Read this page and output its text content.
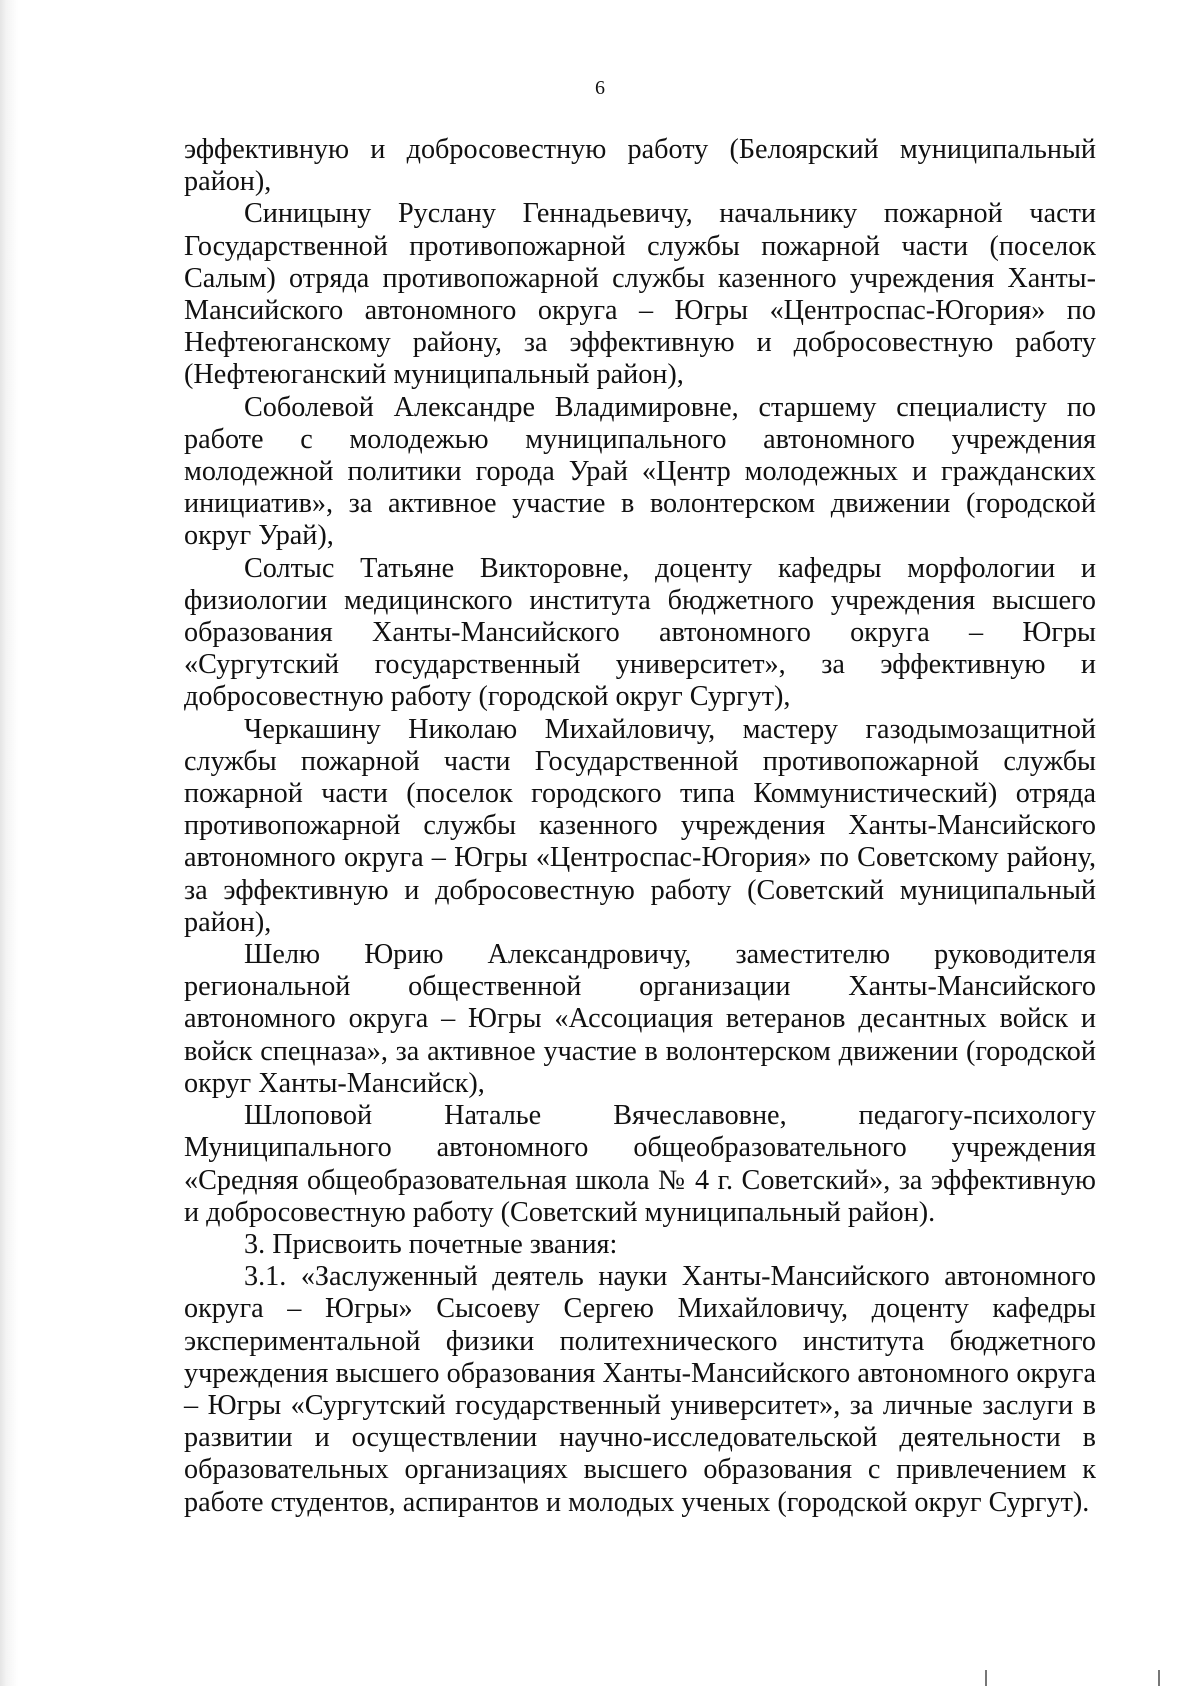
6

эффективную и добросовестную работу (Белоярский муниципальный район),

Синицыну Руслану Геннадьевичу, начальнику пожарной части Государственной противопожарной службы пожарной части (поселок Салым) отряда противопожарной службы казенного учреждения Ханты-Мансийского автономного округа – Югры «Центроспас-Югория» по Нефтеюганскому району, за эффективную и добросовестную работу (Нефтеюганский муниципальный район),

Соболевой Александре Владимировне, старшему специалисту по работе с молодежью муниципального автономного учреждения молодежной политики города Урай «Центр молодежных и гражданских инициатив», за активное участие в волонтерском движении (городской округ Урай),

Солтыс Татьяне Викторовне, доценту кафедры морфологии и физиологии медицинского института бюджетного учреждения высшего образования Ханты-Мансийского автономного округа – Югры «Сургутский государственный университет», за эффективную и добросовестную работу (городской округ Сургут),

Черкашину Николаю Михайловичу, мастеру газодымозащитной службы пожарной части Государственной противопожарной службы пожарной части (поселок городского типа Коммунистический) отряда противопожарной службы казенного учреждения Ханты-Мансийского автономного округа – Югры «Центроспас-Югория» по Советскому району, за эффективную и добросовестную работу (Советский муниципальный район),

Шелю Юрию Александровичу, заместителю руководителя региональной общественной организации Ханты-Мансийского автономного округа – Югры «Ассоциация ветеранов десантных войск и войск спецназа», за активное участие в волонтерском движении (городской округ Ханты-Мансийск),

Шлоповой Наталье Вячеславовне, педагогу-психологу Муниципального автономного общеобразовательного учреждения «Средняя общеобразовательная школа № 4 г. Советский», за эффективную и добросовестную работу (Советский муниципальный район).

3. Присвоить почетные звания:

3.1. «Заслуженный деятель науки Ханты-Мансийского автономного округа – Югры» Сысоеву Сергею Михайловичу, доценту кафедры экспериментальной физики политехнического института бюджетного учреждения высшего образования Ханты-Мансийского автономного округа – Югры «Сургутский государственный университет», за личные заслуги в развитии и осуществлении научно-исследовательской деятельности в образовательных организациях высшего образования с привлечением к работе студентов, аспирантов и молодых ученых (городской округ Сургут).
